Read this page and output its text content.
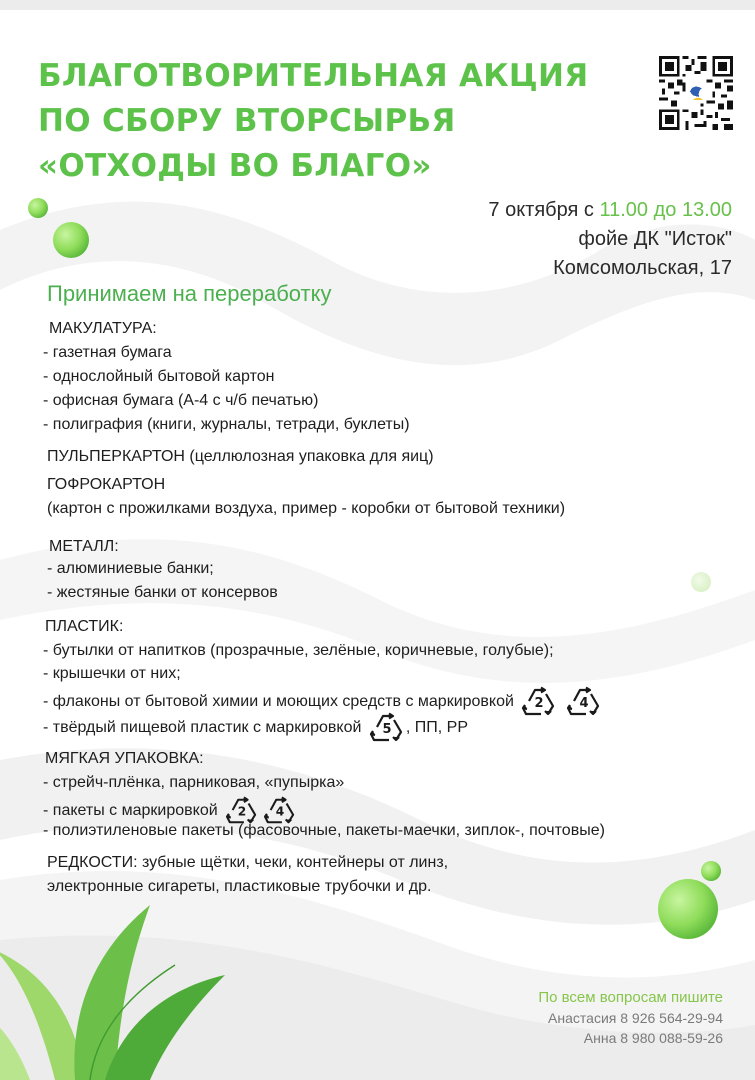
БЛАГОТВОРИТЕЛЬНАЯ АКЦИЯ
ПО СБОРУ ВТОРСЫРЬЯ
«ОТХОДЫ ВО БЛАГО»
7 октября с 11.00 до 13.00
фойе ДК "Исток"
Комсомольская, 17
Принимаем на переработку
МАКУЛАТУРА:
- газетная бумага
- однослойный бытовой картон
- офисная бумага (А-4 с ч/б печатью)
- полиграфия (книги, журналы, тетради, буклеты)
ПУЛЬПЕРКАРТОН (целлюлозная упаковка для яиц)
ГОФРОКАРТОН
(картон с прожилками воздуха, пример - коробки от бытовой техники)
МЕТАЛЛ:
- алюминиевые банки;
- жестяные банки от консервов
ПЛАСТИК:
- бутылки от напитков (прозрачные, зелёные, коричневые, голубые);
- крышечки от них;
- флаконы от бытовой химии и моющих средств с маркировкой 2
	4
- твёрдый пищевой пластик с маркировкой 5 , ПП, PP
МЯГКАЯ УПАКОВКА:
- стрейч-плёнка, парниковая, «пупырка»
- пакеты с маркировкой 2 4
- полиэтиленовые пакеты (фасовочные, пакеты-маечки, зиплок-, почтовые)
РЕДКОСТИ: зубные щётки, чеки, контейнеры от линз,
электронные сигареты, пластиковые трубочки и др.
По всем вопросам пишите
Анастасия 8 926 564-29-94
Анна 8 980 088-59-26
